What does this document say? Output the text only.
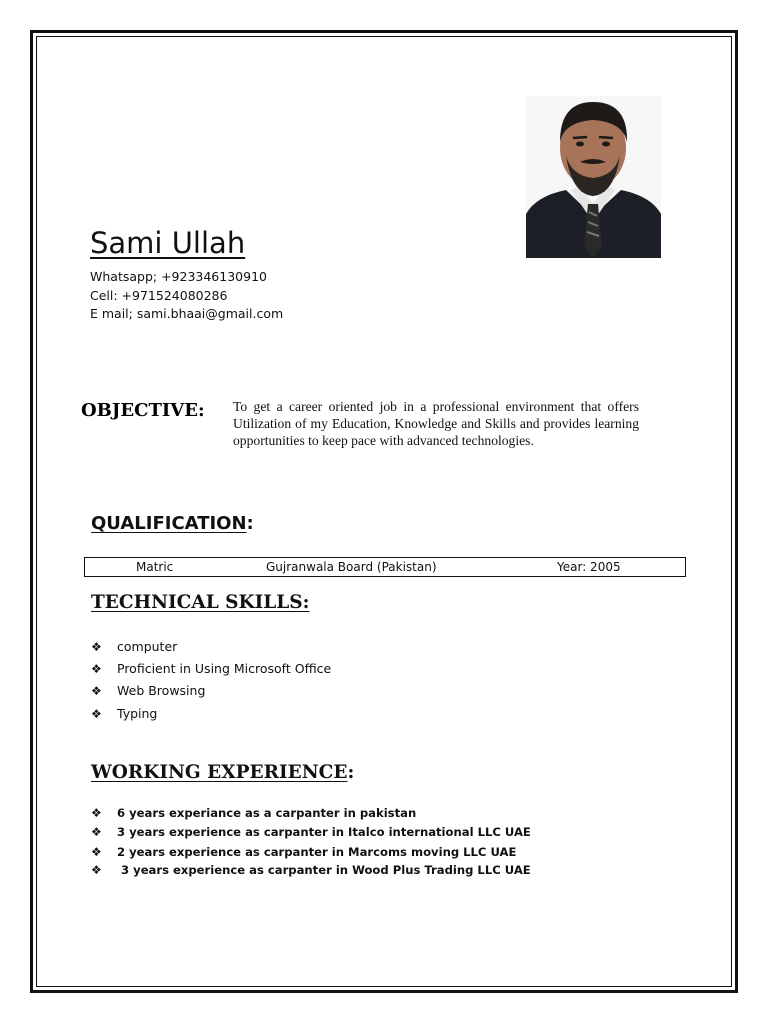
Sami Ullah
Whatsapp; +923346130910
Cell: +971524080286
E mail; sami.bhaai@gmail.com
OBJECTIVE: To get a career oriented job in a professional environment that offers Utilization of my Education, Knowledge and Skills and provides learning opportunities to keep pace with advanced technologies.
QUALIFICATION:
Matric	Gujranwala Board (Pakistan)	Year: 2005
TECHNICAL SKILLS:
❖ computer
❖ Proficient in Using Microsoft Office
❖ Web Browsing
❖ Typing
WORKING EXPERIENCE:
❖ 6 years experiance as a carpanter in pakistan
❖ 3 years experience as carpanter in Italco international LLC UAE
❖ 2 years experience as carpanter in Marcoms moving LLC UAE
❖ 3 years experience as carpanter in Wood Plus Trading LLC UAE
